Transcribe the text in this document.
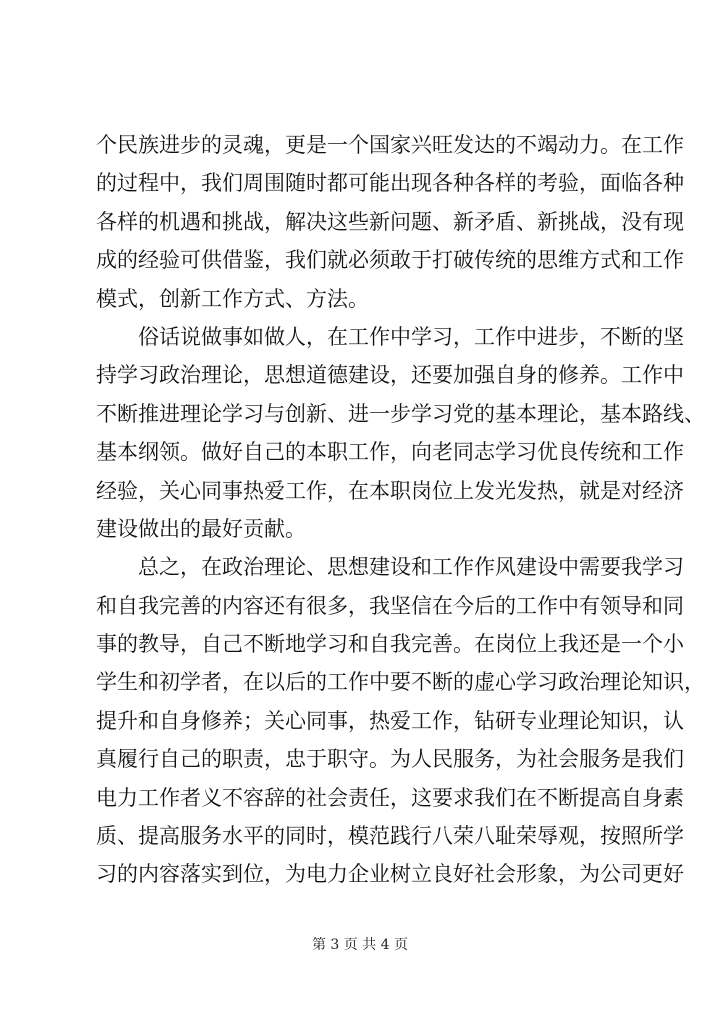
个民族进步的灵魂，更是一个国家兴旺发达的不竭动力。在工作
的过程中，我们周围随时都可能出现各种各样的考验，面临各种
各样的机遇和挑战，解决这些新问题、新矛盾、新挑战，没有现
成的经验可供借鉴，我们就必须敢于打破传统的思维方式和工作
模式，创新工作方式、方法。
俗话说做事如做人，在工作中学习，工作中进步，不断的坚
持学习政治理论，思想道德建设，还要加强自身的修养。工作中
不断推进理论学习与创新、进一步学习党的基本理论，基本路线、
基本纲领。做好自己的本职工作，向老同志学习优良传统和工作
经验，关心同事热爱工作，在本职岗位上发光发热，就是对经济
建设做出的最好贡献。
总之，在政治理论、思想建设和工作作风建设中需要我学习
和自我完善的内容还有很多，我坚信在今后的工作中有领导和同
事的教导，自己不断地学习和自我完善。在岗位上我还是一个小
学生和初学者，在以后的工作中要不断的虚心学习政治理论知识，
提升和自身修养；关心同事，热爱工作，钻研专业理论知识，认
真履行自己的职责，忠于职守。为人民服务，为社会服务是我们
电力工作者义不容辞的社会责任，这要求我们在不断提高自身素
质、提高服务水平的同时，模范践行八荣八耻荣辱观，按照所学
习的内容落实到位，为电力企业树立良好社会形象，为公司更好
第 3 页 共 4 页
